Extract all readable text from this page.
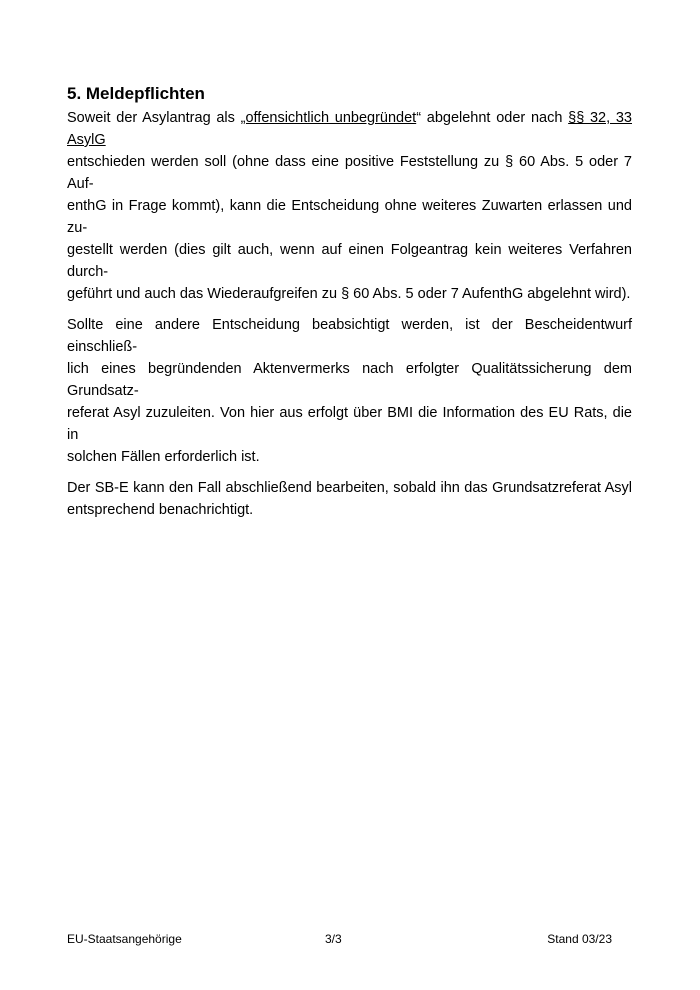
5. Meldepflichten

Soweit der Asylantrag als „offensichtlich unbegründet“ abgelehnt oder nach §§ 32, 33 AsylG
entschieden werden soll (ohne dass eine positive Feststellung zu § 60 Abs. 5 oder 7 Auf-
enthG in Frage kommt), kann die Entscheidung ohne weiteres Zuwarten erlassen und zu-
gestellt werden (dies gilt auch, wenn auf einen Folgeantrag kein weiteres Verfahren durch-
geführt und auch das Wiederaufgreifen zu § 60 Abs. 5 oder 7 AufenthG abgelehnt wird).

Sollte eine andere Entscheidung beabsichtigt werden, ist der Bescheidentwurf einschließ-
lich eines begründenden Aktenvermerks nach erfolgter Qualitätssicherung dem Grundsatz-
referat Asyl zuzuleiten. Von hier aus erfolgt über BMI die Information des EU Rats, die in
solchen Fällen erforderlich ist.

Der SB-E kann den Fall abschließend bearbeiten, sobald ihn das Grundsatzreferat Asyl
entsprechend benachrichtigt.

EU-Staatsangehörige	3/3	Stand 03/23
